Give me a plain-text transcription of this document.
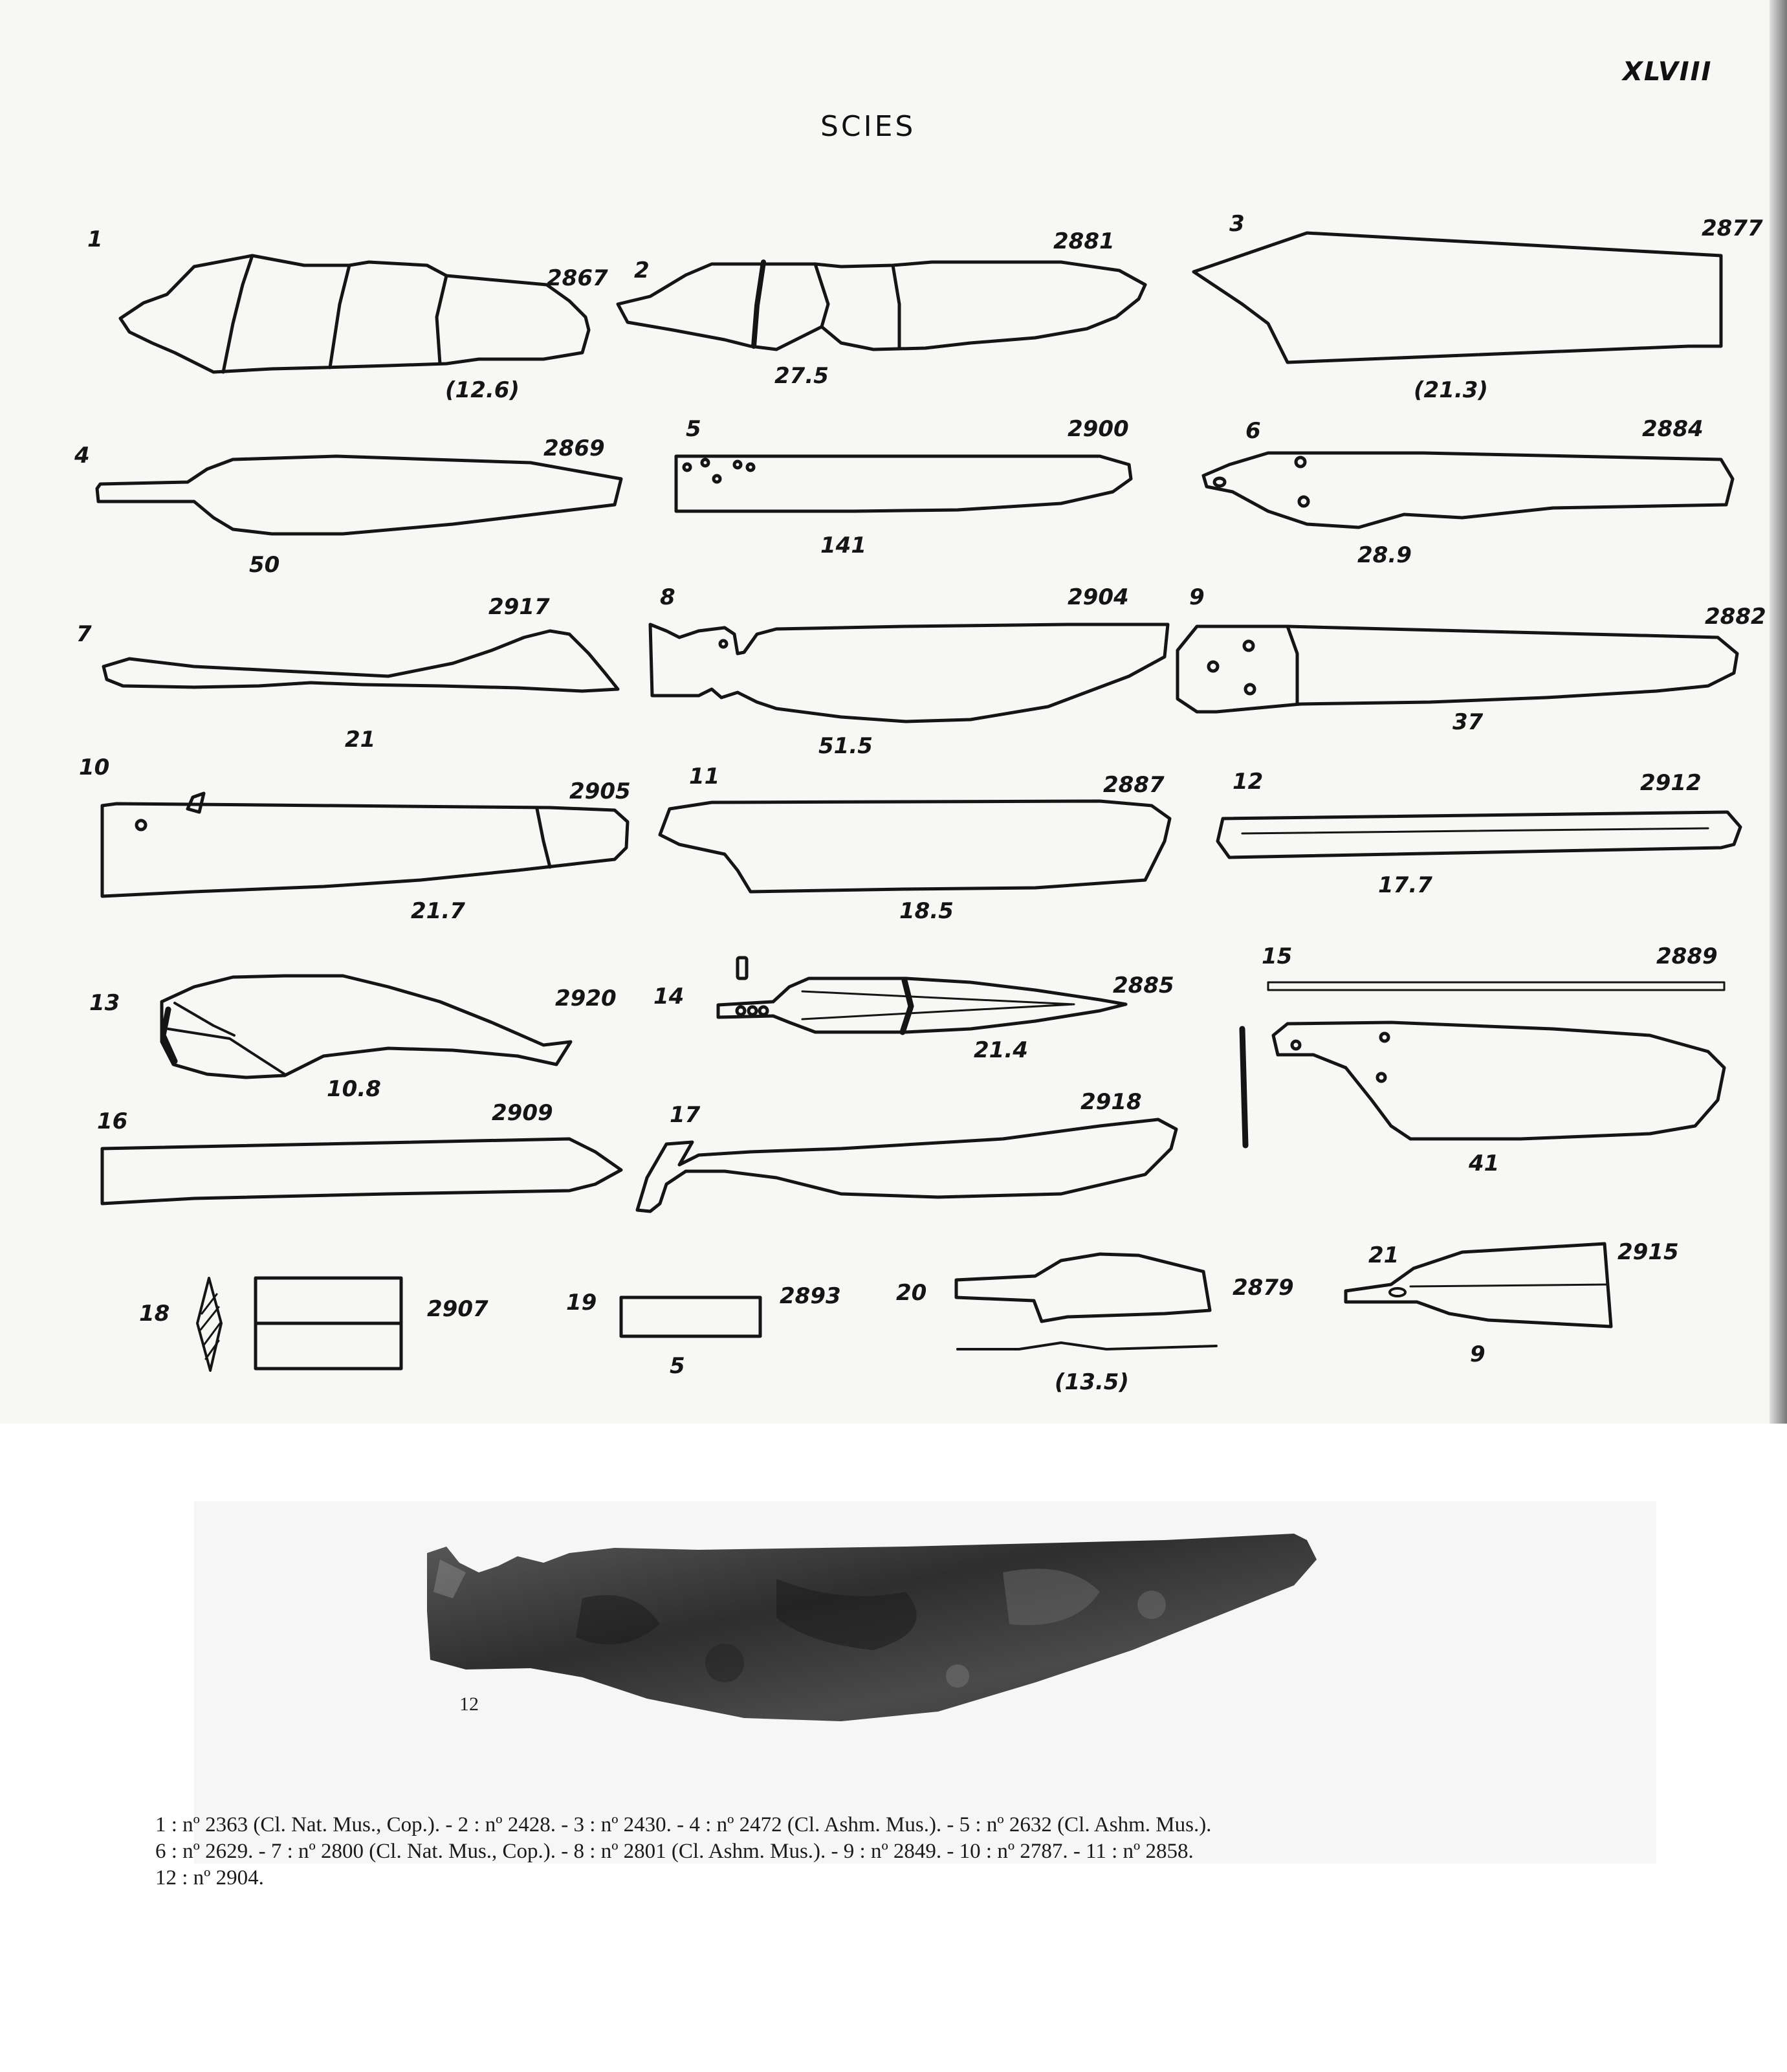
XLVIII
SCIES
1
2867
(12.6)
2
2881
27.5
3	2877
(21.3)
4	2869
50
5	2900
141
6	2884
28.9
7
2917
21
8	2904
51.5
9
2882
37
10
2905
21.7
11	2887
18.5
12	2912
17.7
13	2920
10.8
14	2885
21.4
15	2889
41
16	2909	17	2918
18	2907	19	2893
5
20	2879
(13.5)
21	2915
9
12
1 : nº 2363 (Cl. Nat. Mus., Cop.). - 2 : nº 2428. - 3 : nº 2430. - 4 : nº 2472 (Cl. Ashm. Mus.). - 5 : nº 2632 (Cl. Ashm. Mus.).
6 : nº 2629. - 7 : nº 2800 (Cl. Nat. Mus., Cop.). - 8 : nº 2801 (Cl. Ashm. Mus.). - 9 : nº 2849. - 10 : nº 2787. - 11 : nº 2858.
12 : nº 2904.
